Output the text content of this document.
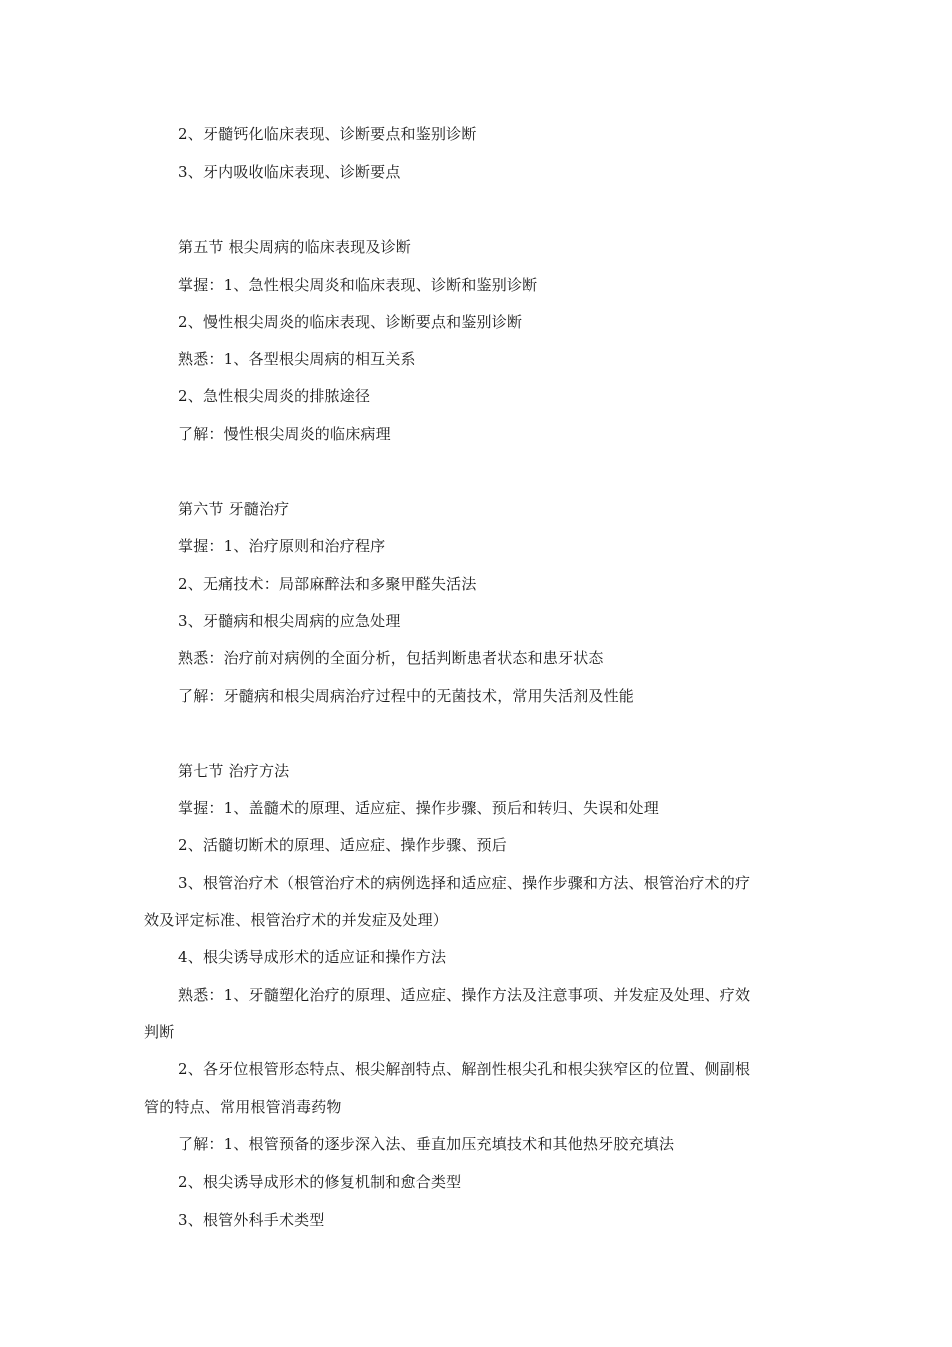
2、牙髓钙化临床表现、诊断要点和鉴别诊断
3、牙内吸收临床表现、诊断要点
第五节 根尖周病的临床表现及诊断
掌握：1、急性根尖周炎和临床表现、诊断和鉴别诊断
2、慢性根尖周炎的临床表现、诊断要点和鉴别诊断
熟悉：1、各型根尖周病的相互关系
2、急性根尖周炎的排脓途径
了解：慢性根尖周炎的临床病理
第六节 牙髓治疗
掌握：1、治疗原则和治疗程序
2、无痛技术：局部麻醉法和多聚甲醛失活法
3、牙髓病和根尖周病的应急处理
熟悉：治疗前对病例的全面分析，包括判断患者状态和患牙状态
了解：牙髓病和根尖周病治疗过程中的无菌技术，常用失活剂及性能
第七节 治疗方法
掌握：1、盖髓术的原理、适应症、操作步骤、预后和转归、失误和处理
2、活髓切断术的原理、适应症、操作步骤、预后
3、根管治疗术（根管治疗术的病例选择和适应症、操作步骤和方法、根管治疗术的疗
效及评定标准、根管治疗术的并发症及处理）
4、根尖诱导成形术的适应证和操作方法
熟悉：1、牙髓塑化治疗的原理、适应症、操作方法及注意事项、并发症及处理、疗效
判断
2、各牙位根管形态特点、根尖解剖特点、解剖性根尖孔和根尖狭窄区的位置、侧副根
管的特点、常用根管消毒药物
了解：1、根管预备的逐步深入法、垂直加压充填技术和其他热牙胶充填法
2、根尖诱导成形术的修复机制和愈合类型
3、根管外科手术类型
